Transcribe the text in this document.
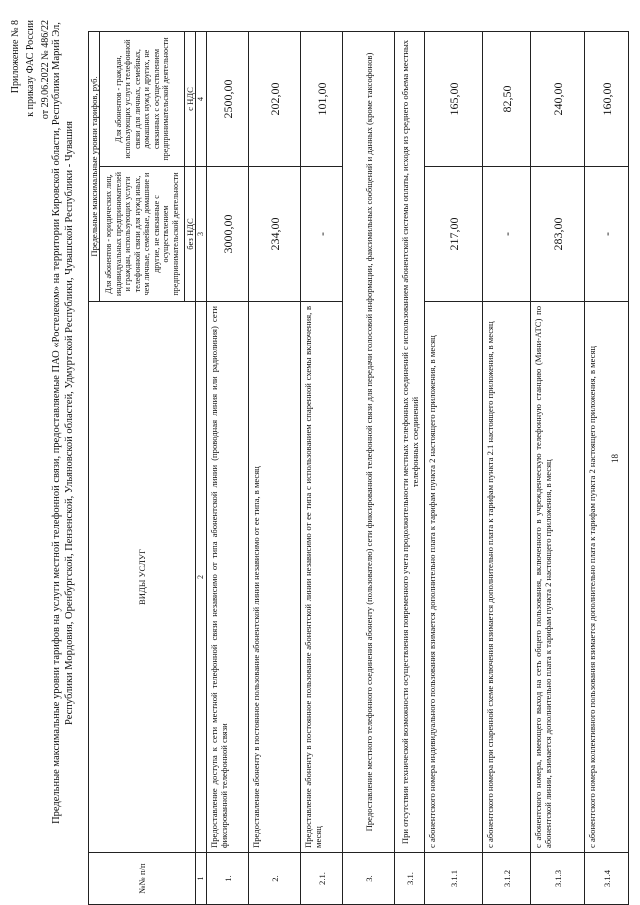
18
Приложение № 8 к приказу ФАС России от 29.06.2022 № 486/22 Предельные максимальные уровни тарифов на услуги местной телефонной связи, предоставляемые ПАО «Ростелеком» на территории Кировской области, Республики Марий Эл, Республики Мордовия, Оренбургской, Пензенской, Ульяновской областей, Удмуртской Республики, Чувашской Республики - Чувашия
№№ п/п	ВИДЫ УСЛУГ	Предельные максимальные уровни тарифов, руб.	
		Для абонентов - юридических лиц, индивидуальных предпринимателей и граждан, использующих услуги телефонной связи для нужд иных, чем личные, семейные, домашние и другие, не связанные с осуществлением предпринимательской деятельности	Для абонентов - граждан, использующих услуги телефонной связи для личных, семейных, домашних нужд и других, не связанных с осуществлением предпринимательской деятельности
		без НДС	с НДС
1	2	3	4
1.	Предоставление доступа к сети местной телефонной связи независимо от типа абонентской линии (проводная линия или радиолиния) сети фиксированной телефонной связи	3000,00	2500,00
2.	Предоставление абоненту в постоянное пользование абонентской линии независимо от ее типа, в месяц	234,00	202,00
2.1.	Предоставление абоненту в постоянное пользование абонентской линии независимо от ее типа с использованием спаренной схемы включения, в месяц	-	101,00
3.	Предоставление местного телефонного соединения абоненту (пользователю) сети фиксированной телефонной связи для передачи голосовой информации, факсимильных сообщений и данных (кроме таксофонов)		
3.1.	При отсутствии технической возможности осуществления повременного учета продолжительности местных телефонных соединений с использованием абонентской системы оплаты, исходя из среднего объема местных телефонных соединений		
3.1.1	с абонентского номера индивидуального пользования взимается дополнительно плата к тарифам пункта 2 настоящего приложения, в месяц	217,00	165,00
3.1.2	с абонентского номера при спаренной схеме включения взимается дополнительно плата к тарифам пункта 2.1 настоящего приложения, в месяц	-	82,50
3.1.3	с абонентского номера, имеющего выход на сеть общего пользования, включенного в учрежденческую телефонную станцию (Мини-АТС) по абонентской линии, взимается дополнительно плата к тарифам пункта 2 настоящего приложения, в месяц	283,00	240,00
3.1.4	с абонентского номера коллективного пользования взимается дополнительно плата к тарифам пункта 2 настоящего приложения, в месяц	-	160,00
